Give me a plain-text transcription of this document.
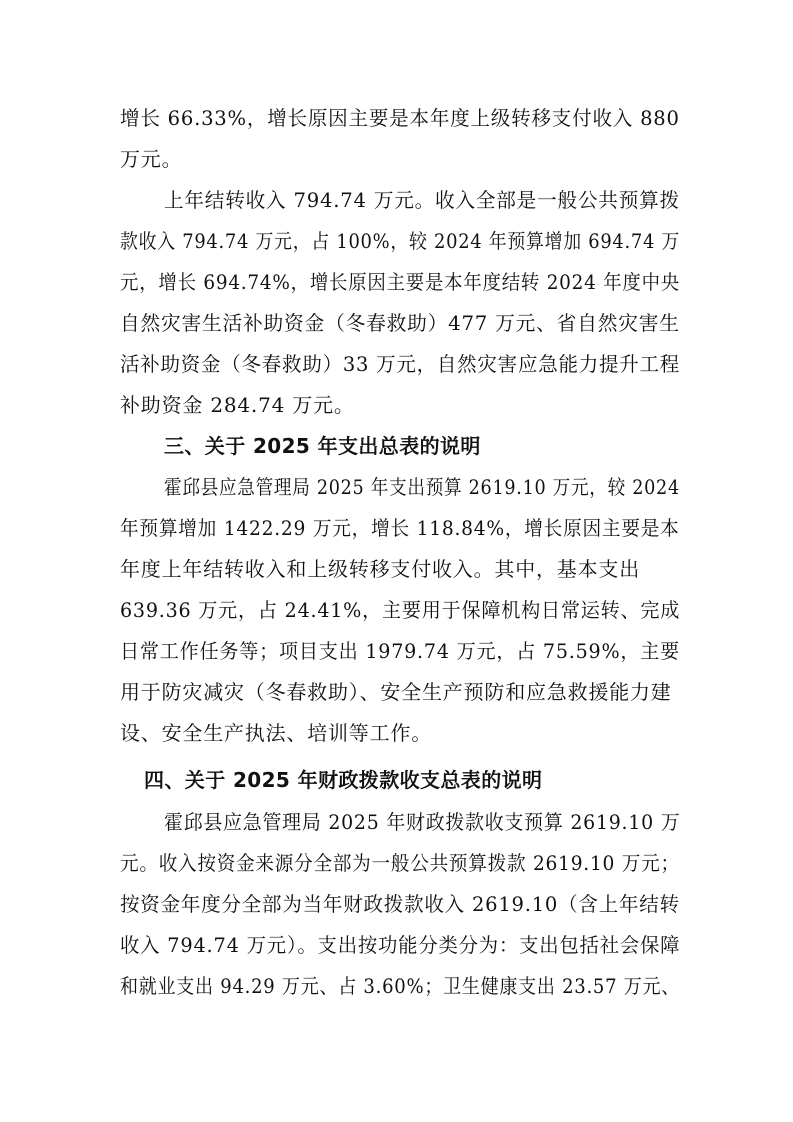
增长 66.33%，增长原因主要是本年度上级转移支付收入 880
万元。
上年结转收入 794.74 万元。收入全部是一般公共预算拨
款收入 794.74 万元，占 100%，较 2024 年预算增加 694.74 万
元，增长 694.74%，增长原因主要是本年度结转 2024 年度中央
自然灾害生活补助资金（冬春救助）477 万元、省自然灾害生
活补助资金（冬春救助）33 万元，自然灾害应急能力提升工程
补助资金 284.74 万元。
三、关于 2025 年支出总表的说明
霍邱县应急管理局 2025 年支出预算 2619.10 万元，较 2024
年预算增加 1422.29 万元，增长 118.84%，增长原因主要是本
年度上年结转收入和上级转移支付收入。其中，基本支出
639.36 万元，占 24.41%，主要用于保障机构日常运转、完成
日常工作任务等；项目支出 1979.74 万元，占 75.59%，主要
用于防灾减灾（冬春救助）、安全生产预防和应急救援能力建
设、安全生产执法、培训等工作。
四、关于 2025 年财政拨款收支总表的说明
霍邱县应急管理局 2025 年财政拨款收支预算 2619.10 万
元。收入按资金来源分全部为一般公共预算拨款 2619.10 万元；
按资金年度分全部为当年财政拨款收入 2619.10（含上年结转
收入 794.74 万元）。支出按功能分类分为：支出包括社会保障
和就业支出 94.29 万元、占 3.60%；卫生健康支出 23.57 万元、
